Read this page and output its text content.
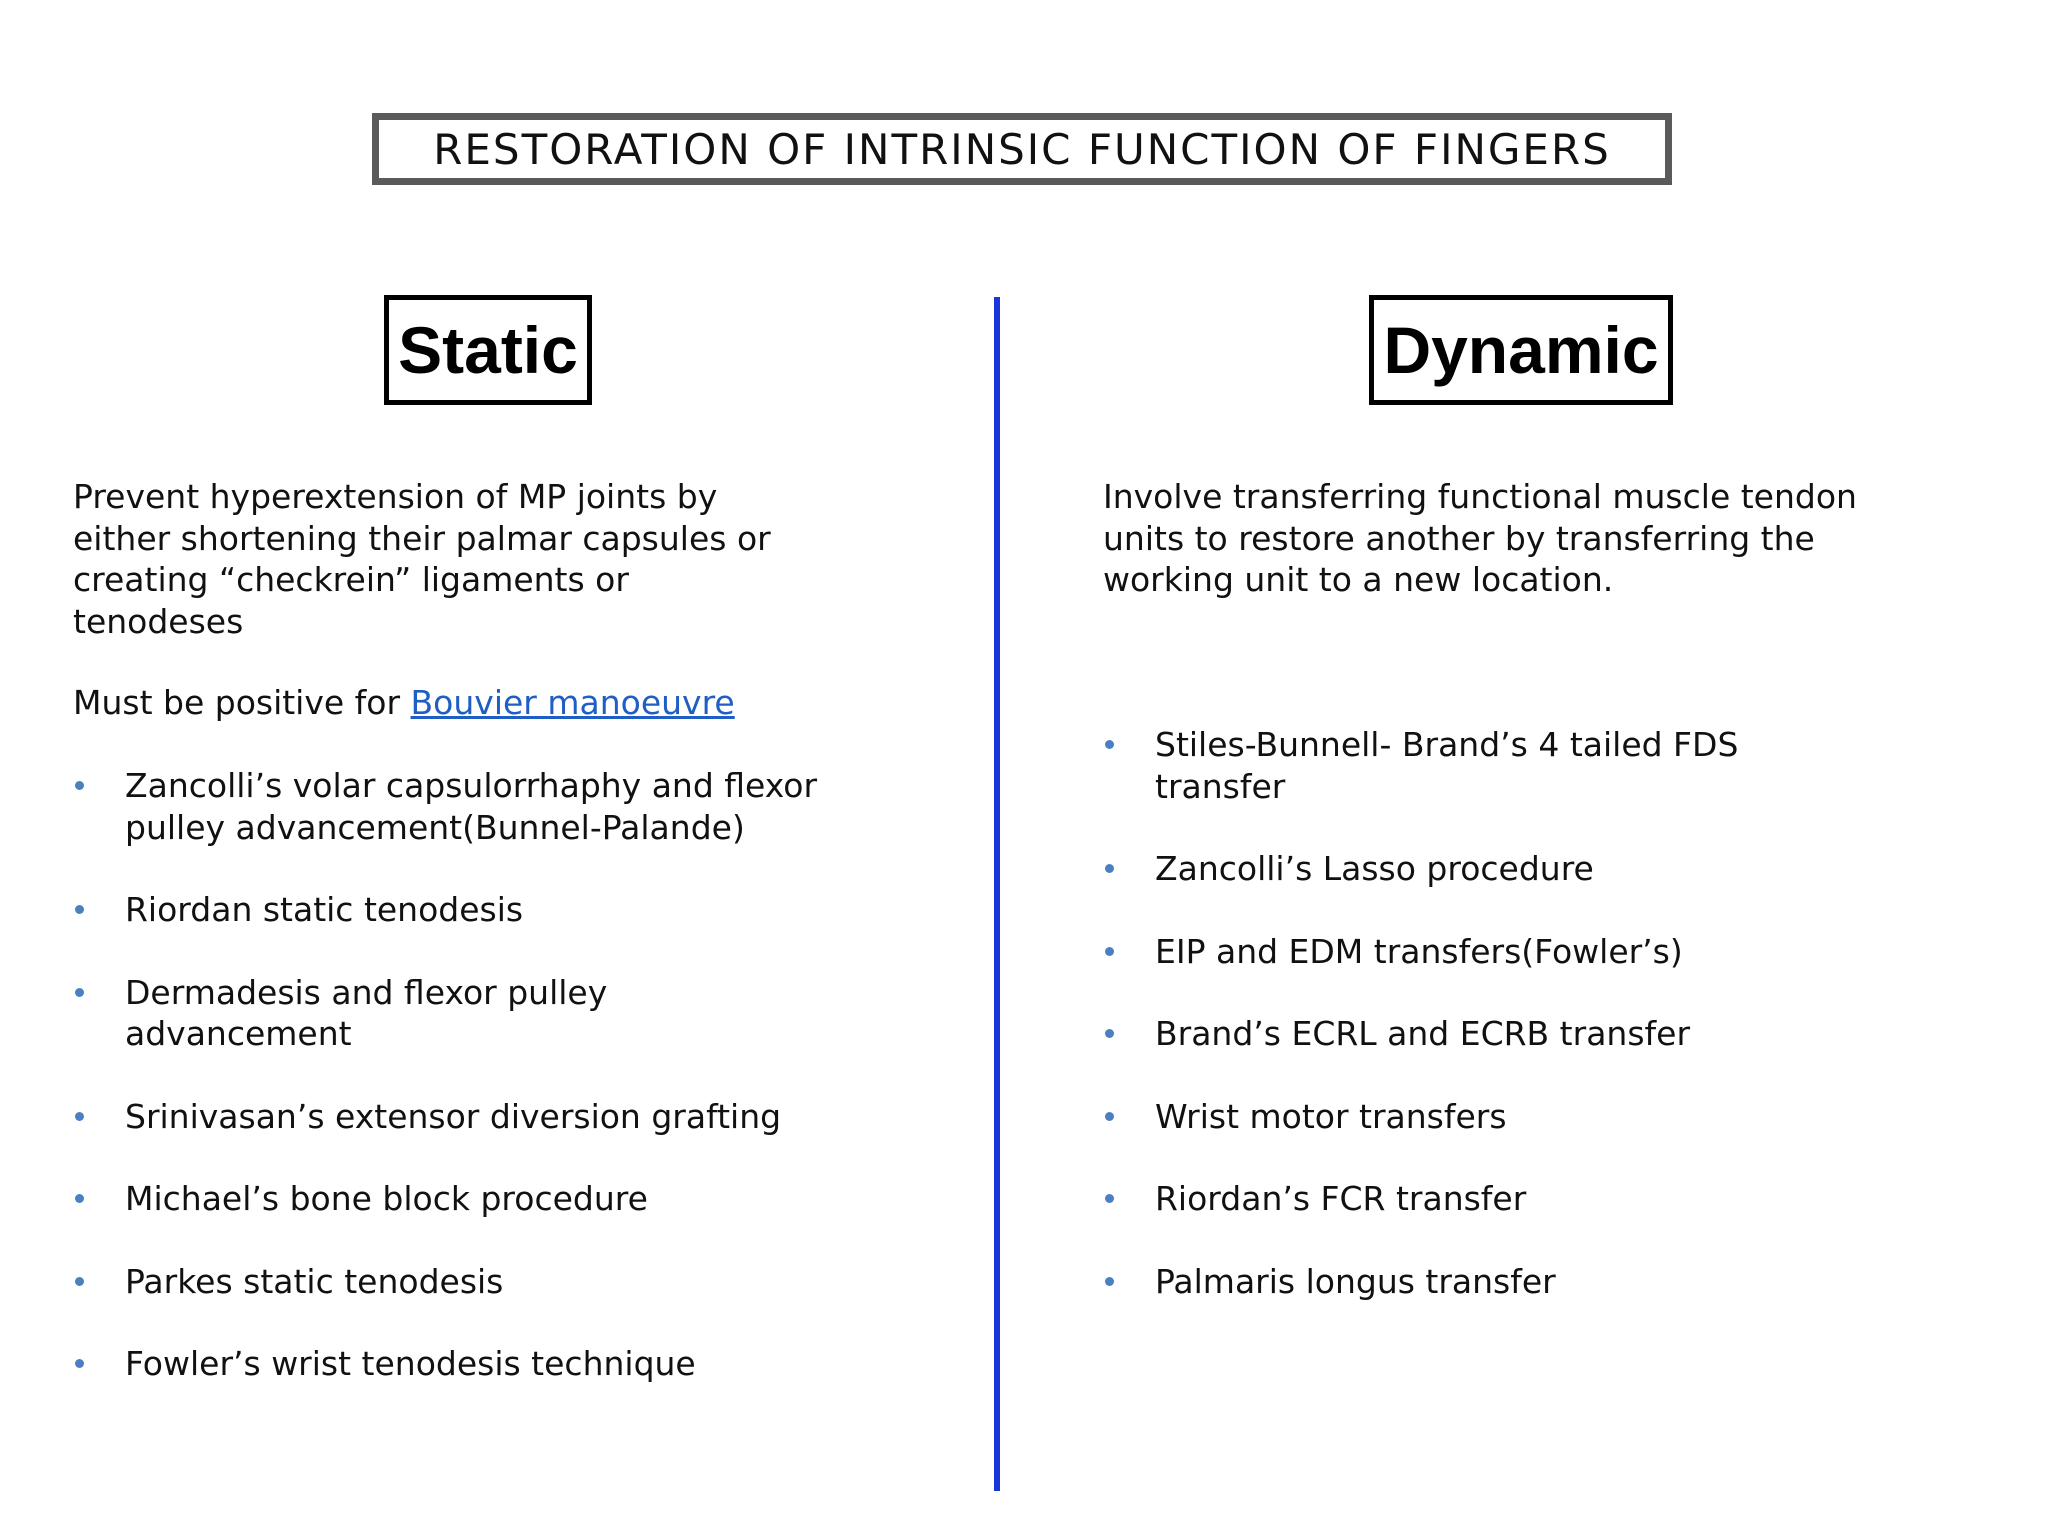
RESTORATION OF INTRINSIC FUNCTION OF FINGERS
Static	Dynamic

Prevent hyperextension of MP joints by either shortening their palmar capsules or creating “checkrein” ligaments or tenodeses

Must be positive for Bouvier manoeuvre

Zancolli’s volar capsulorrhaphy and flexor pulley advancement(Bunnel-Palande)
Riordan static tenodesis
Dermadesis and flexor pulley advancement
Srinivasan’s extensor diversion grafting
Michael’s bone block procedure
Parkes static tenodesis
Fowler’s wrist tenodesis technique

Involve transferring functional muscle tendon units to restore another by transferring the working unit to a new location.

Stiles-Bunnell- Brand’s 4 tailed FDS transfer
Zancolli’s Lasso procedure
EIP and EDM transfers(Fowler’s)
Brand’s ECRL and ECRB transfer
Wrist motor transfers
Riordan’s FCR transfer
Palmaris longus transfer
